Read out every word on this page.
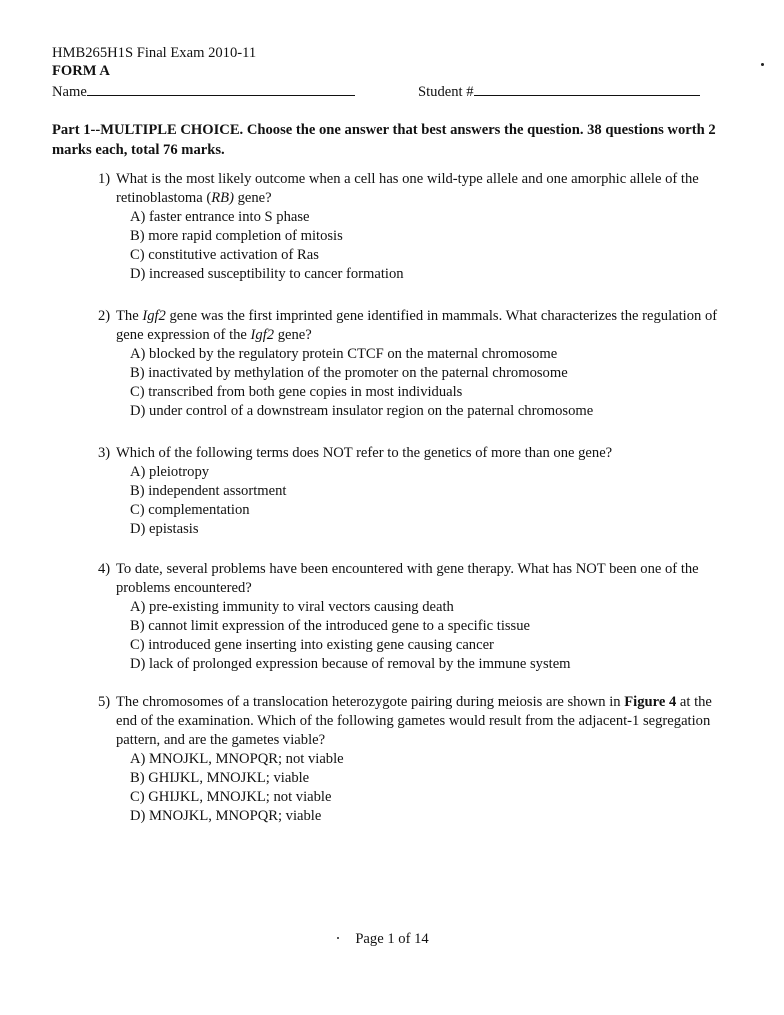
HMB265H1S Final Exam 2010-11
FORM A
Name	Student #
Part 1--MULTIPLE CHOICE. Choose the one answer that best answers the question. 38 questions worth 2 marks each, total 76 marks.
1) What is the most likely outcome when a cell has one wild-type allele and one amorphic allele of the retinoblastoma (RB) gene?
A) faster entrance into S phase
B) more rapid completion of mitosis
C) constitutive activation of Ras
D) increased susceptibility to cancer formation
2) The Igf2 gene was the first imprinted gene identified in mammals. What characterizes the regulation of gene expression of the Igf2 gene?
A) blocked by the regulatory protein CTCF on the maternal chromosome
B) inactivated by methylation of the promoter on the paternal chromosome
C) transcribed from both gene copies in most individuals
D) under control of a downstream insulator region on the paternal chromosome
3) Which of the following terms does NOT refer to the genetics of more than one gene?
A) pleiotropy
B) independent assortment
C) complementation
D) epistasis
4) To date, several problems have been encountered with gene therapy. What has NOT been one of the problems encountered?
A) pre-existing immunity to viral vectors causing death
B) cannot limit expression of the introduced gene to a specific tissue
C) introduced gene inserting into existing gene causing cancer
D) lack of prolonged expression because of removal by the immune system
5) The chromosomes of a translocation heterozygote pairing during meiosis are shown in Figure 4 at the end of the examination. Which of the following gametes would result from the adjacent-1 segregation pattern, and are the gametes viable?
A) MNOJKL, MNOPQR; not viable
B) GHIJKL, MNOJKL; viable
C) GHIJKL, MNOJKL; not viable
D) MNOJKL, MNOPQR; viable
Page 1 of 14
